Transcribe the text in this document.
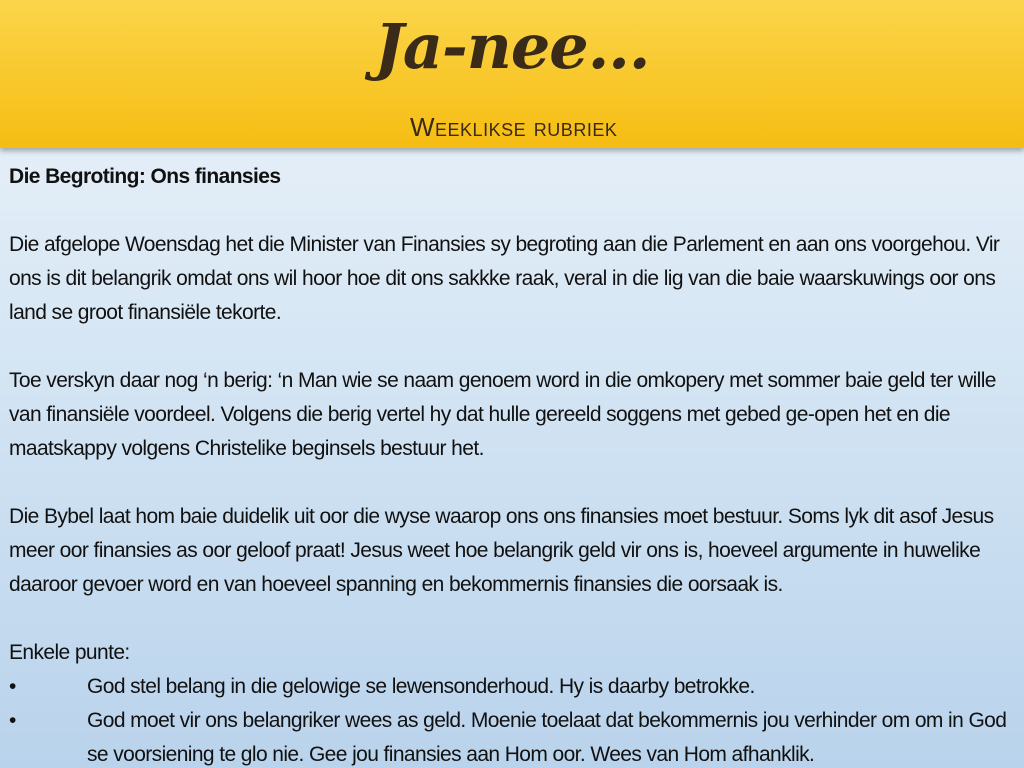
Ja-nee...
Weeklikse rubriek
Die Begroting: Ons finansies

Die afgelope Woensdag het die Minister van Finansies sy begroting aan die Parlement en aan ons voorgehou. Vir ons is dit belangrik omdat ons wil hoor hoe dit ons sakkke raak, veral in die lig van die baie waarskuwings oor ons land se groot finansiële tekorte.

Toe verskyn daar nog ‘n berig: ‘n Man wie se naam genoem word in die omkopery met sommer baie geld ter wille van finansiële voordeel. Volgens die berig vertel hy dat hulle gereeld soggens met gebed ge-open het en die maatskappy volgens Christelike beginsels bestuur het.

Die Bybel laat hom baie duidelik uit oor die wyse waarop ons ons finansies moet bestuur. Soms lyk dit asof Jesus meer oor finansies as oor geloof praat! Jesus weet hoe belangrik geld vir ons is, hoeveel argumente in huwelike daaroor gevoer word en van hoeveel spanning en bekommernis finansies die oorsaak is.

Enkele punte:

•	God stel belang in die gelowige se lewensonderhoud. Hy is daarby betrokke.
•	God moet vir ons belangriker wees as geld. Moenie toelaat dat bekommernis jou verhinder om om in God se voorsiening te glo nie. Gee jou finansies aan Hom oor. Wees van Hom afhanklik.
